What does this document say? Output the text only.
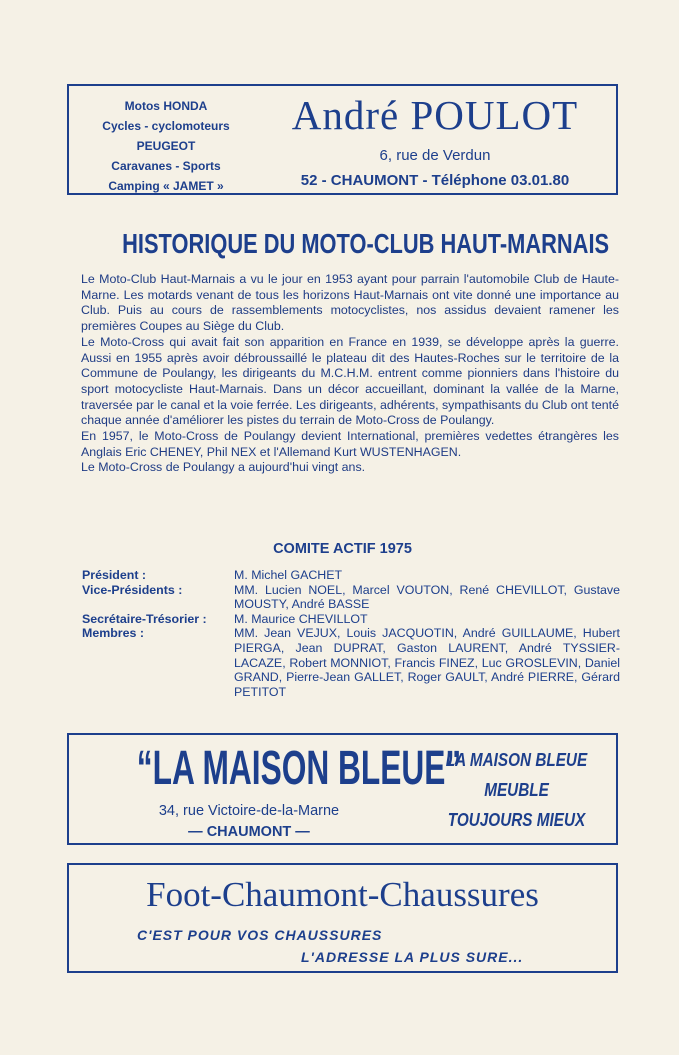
Motos HONDA
Cycles - cyclomoteurs
PEUGEOT
Caravanes - Sports
Camping « JAMET »
André POULOT
6, rue de Verdun
52 - CHAUMONT - Téléphone 03.01.80
HISTORIQUE DU MOTO-CLUB HAUT-MARNAIS

Le Moto-Club Haut-Marnais a vu le jour en 1953 ayant pour parrain l'automobile Club de Haute-Marne. Les motards venant de tous les horizons Haut-Marnais ont vite donné une importance au Club. Puis au cours de rassemblements motocyclistes, nos assidus devaient ramener les premières Coupes au Siège du Club.

Le Moto-Cross qui avait fait son apparition en France en 1939, se développe après la guerre. Aussi en 1955 après avoir débroussaillé le plateau dit des Hautes-Roches sur le territoire de la Commune de Poulangy, les dirigeants du M.C.H.M. entrent comme pionniers dans l'histoire du sport motocycliste Haut-Marnais. Dans un décor accueillant, dominant la vallée de la Marne, traversée par le canal et la voie ferrée. Les dirigeants, adhérents, sympathisants du Club ont tenté chaque année d'améliorer les pistes du terrain de Moto-Cross de Poulangy.

En 1957, le Moto-Cross de Poulangy devient International, premières vedettes étrangères les Anglais Eric CHENEY, Phil NEX et l'Allemand Kurt WUSTENHAGEN.

Le Moto-Cross de Poulangy a aujourd'hui vingt ans.

COMITE ACTIF 1975
Président :	M. Michel GACHET
Vice-Présidents :	MM. Lucien NOEL, Marcel VOUTON, René CHEVILLOT, Gustave MOUSTY, André BASSE
Secrétaire-Trésorier :	M. Maurice CHEVILLOT
Membres :	MM. Jean VEJUX, Louis JACQUOTIN, André GUILLAUME, Hubert PIERGA, Jean DUPRAT, Gaston LAURENT, André TYSSIER-LACAZE, Robert MONNIOT, Francis FINEZ, Luc GROSLEVIN, Daniel GRAND, Pierre-Jean GALLET, Roger GAULT, André PIERRE, Gérard PETITOT
“LA MAISON BLEUE”
34, rue Victoire-de-la-Marne
— CHAUMONT —
LA MAISON BLEUE
MEUBLE
TOUJOURS MIEUX
Foot-Chaumont-Chaussures
C'EST POUR VOS CHAUSSURES
L'ADRESSE LA PLUS SURE...
